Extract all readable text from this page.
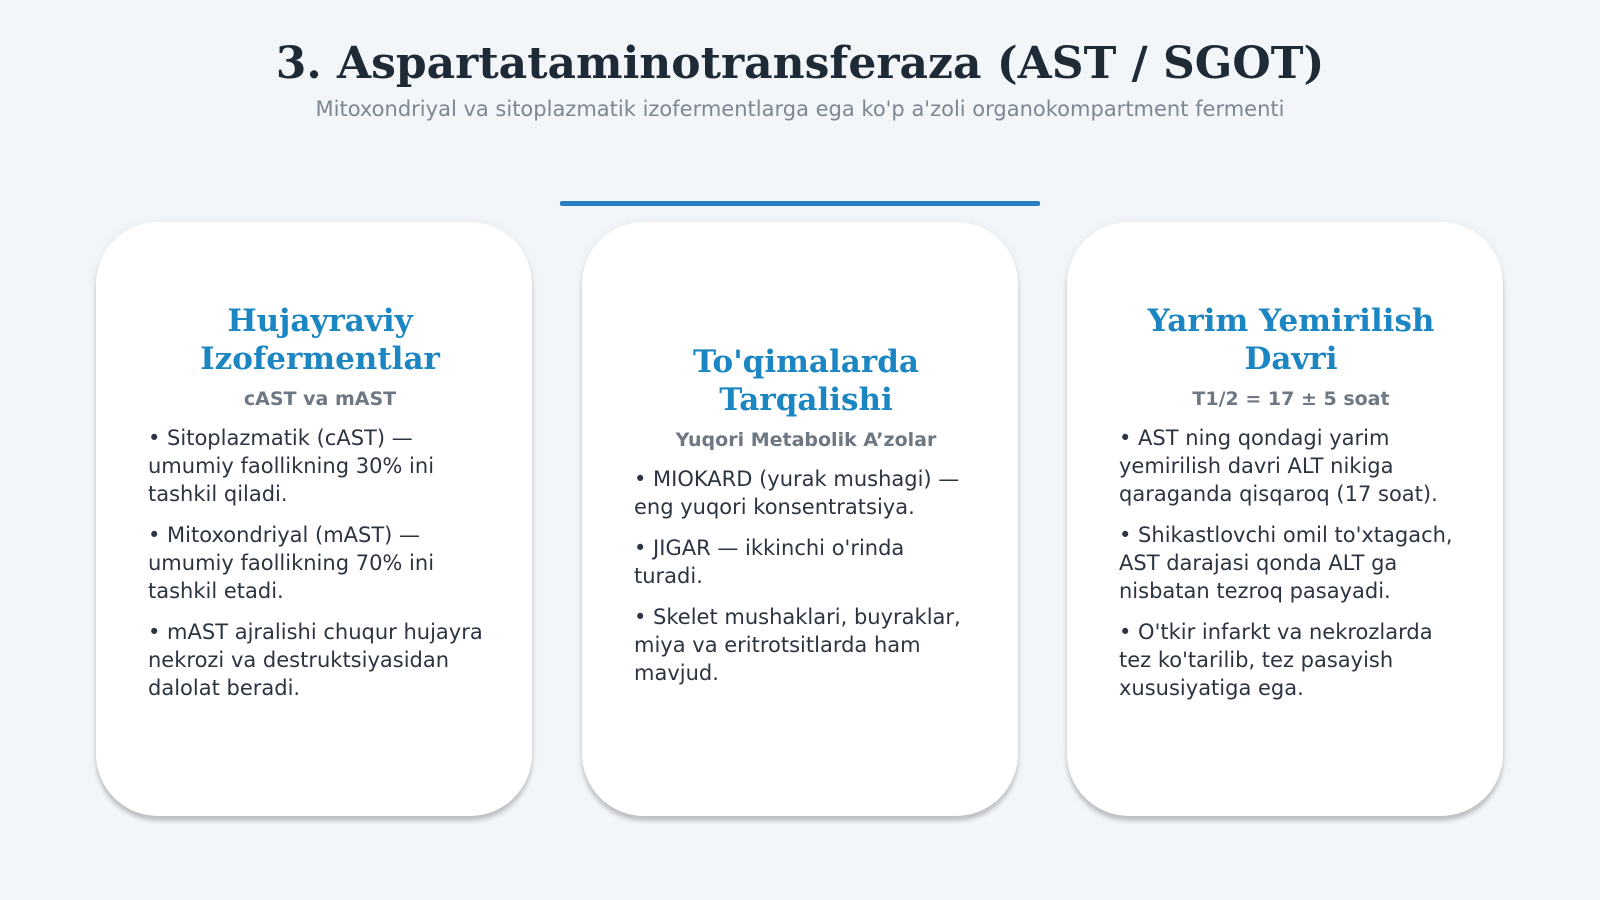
3. Aspartataminotransferaza (AST / SGOT)
Mitoxondriyal va sitoplazmatik izofermentlarga ega ko'p a'zoli organokompartment fermenti
Hujayraviy
Izofermentlar
cAST va mAST
• Sitoplazmatik (cAST) — umumiy faollikning 30% ini tashkil qiladi.
• Mitoxondriyal (mAST) — umumiy faollikning 70% ini tashkil etadi.
• mAST ajralishi chuqur hujayra nekrozi va destruktsiyasidan dalolat beradi.
To'qimalarda
Tarqalishi
Yuqori Metabolik A’zolar
• MIOKARD (yurak mushagi) — eng yuqori konsentratsiya.
• JIGAR — ikkinchi o'rinda turadi.
• Skelet mushaklari, buyraklar, miya va eritrotsitlarda ham mavjud.
Yarim Yemirilish
Davri
T1/2 = 17 ± 5 soat
• AST ning qondagi yarim yemirilish davri ALT nikiga qaraganda qisqaroq (17 soat).
• Shikastlovchi omil to'xtagach, AST darajasi qonda ALT ga nisbatan tezroq pasayadi.
• O'tkir infarkt va nekrozlarda tez ko'tarilib, tez pasayish xususiyatiga ega.
